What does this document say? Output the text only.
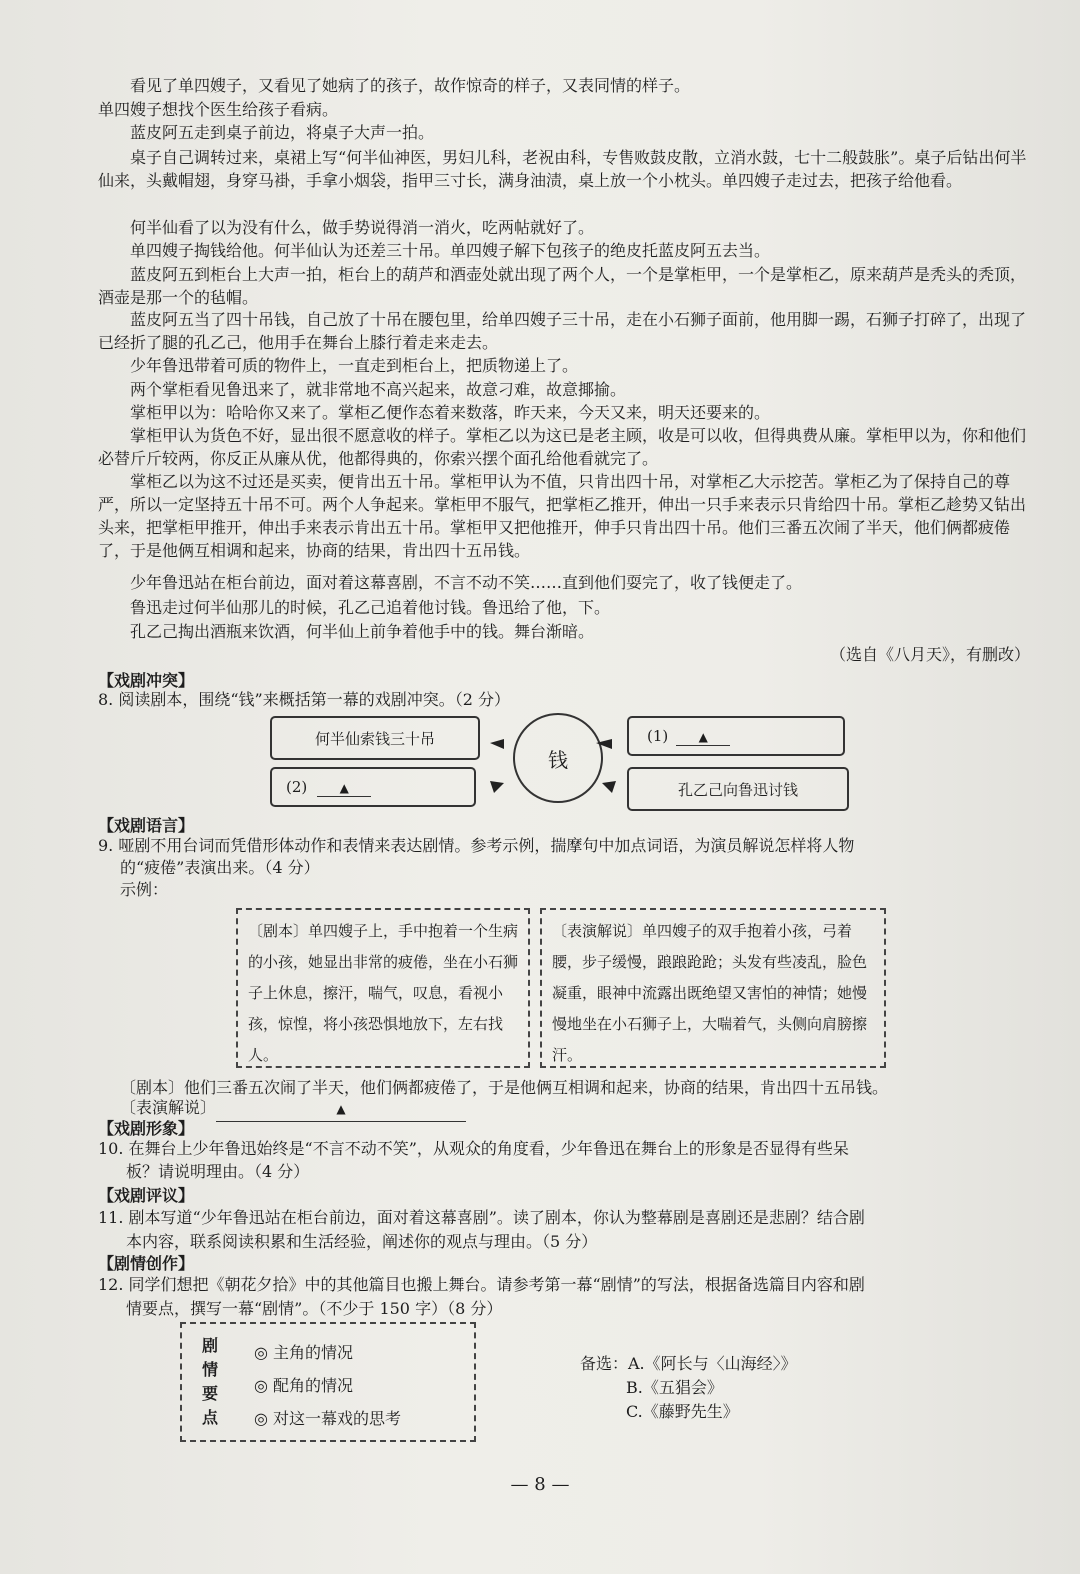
看见了单四嫂子，又看见了她病了的孩子，故作惊奇的样子，又表同情的样子。

单四嫂子想找个医生给孩子看病。

蓝皮阿五走到桌子前边，将桌子大声一拍。

桌子自己调转过来，桌裙上写“何半仙神医，男妇儿科，老祝由科，专售败鼓皮散，立消水鼓，七十二般鼓胀”。桌子后钻出何半仙来，头戴帽翅，身穿马褂，手拿小烟袋，指甲三寸长，满身油渍，桌上放一个小枕头。单四嫂子走过去，把孩子给他看。

何半仙看了以为没有什么，做手势说得消一消火，吃两帖就好了。

单四嫂子掏钱给他。何半仙认为还差三十吊。单四嫂子解下包孩子的绝皮托蓝皮阿五去当。

蓝皮阿五到柜台上大声一拍，柜台上的葫芦和酒壶处就出现了两个人，一个是掌柜甲，一个是掌柜乙，原来葫芦是秃头的秃顶，酒壶是那一个的毡帽。

蓝皮阿五当了四十吊钱，自己放了十吊在腰包里，给单四嫂子三十吊，走在小石狮子面前，他用脚一踢，石狮子打碎了，出现了已经折了腿的孔乙己，他用手在舞台上膝行着走来走去。

少年鲁迅带着可质的物件上，一直走到柜台上，把质物递上了。

两个掌柜看见鲁迅来了，就非常地不高兴起来，故意刁难，故意揶揄。

掌柜甲以为：哈哈你又来了。掌柜乙便作态着来数落，昨天来，今天又来，明天还要来的。

掌柜甲认为货色不好，显出很不愿意收的样子。掌柜乙以为这已是老主顾，收是可以收，但得典费从廉。掌柜甲以为，你和他们必替斤斤较两，你反正从廉从优，他都得典的，你索兴摆个面孔给他看就完了。

掌柜乙以为这不过还是买卖，便肯出五十吊。掌柜甲认为不值，只肯出四十吊，对掌柜乙大示挖苦。掌柜乙为了保持自己的尊严，所以一定坚持五十吊不可。两个人争起来。掌柜甲不服气，把掌柜乙推开，伸出一只手来表示只肯给四十吊。掌柜乙趁势又钻出头来，把掌柜甲推开，伸出手来表示肯出五十吊。掌柜甲又把他推开，伸手只肯出四十吊。他们三番五次闹了半天，他们俩都疲倦了，于是他俩互相调和起来，协商的结果，肯出四十五吊钱。

少年鲁迅站在柜台前边，面对着这幕喜剧，不言不动不笑……直到他们耍完了，收了钱便走了。

鲁迅走过何半仙那儿的时候，孔乙己追着他讨钱。鲁迅给了他，下。

孔乙己掏出酒瓶来饮酒，何半仙上前争着他手中的钱。舞台渐暗。

（选自《八月天》，有删改）
【戏剧冲突】
8. 阅读剧本，围绕“钱”来概括第一幕的戏剧冲突。（2 分）
何半仙索钱三十吊
(2)	▲
钱
(1)	▲
孔乙己向鲁迅讨钱
【戏剧语言】
9. 哑剧不用台词而凭借形体动作和表情来表达剧情。参考示例，揣摩句中加点词语，为演员解说怎样将人物
的“疲倦”表演出来。（4 分）
示例：
〔剧本〕单四嫂子上，手中抱着一个生病的小孩，她显出非常的疲倦，坐在小石狮子上休息，擦汗，喘气，叹息，看视小孩，惊惶，将小孩恐惧地放下，左右找人。
〔表演解说〕单四嫂子的双手抱着小孩，弓着腰，步子缓慢，踉踉跄跄；头发有些凌乱，脸色凝重，眼神中流露出既绝望又害怕的神情；她慢慢地坐在小石狮子上，大喘着气，头侧向肩膀擦汗。
〔剧本〕他们三番五次闹了半天，他们俩都疲倦了，于是他俩互相调和起来，协商的结果，肯出四十五吊钱。
〔表演解说〕	▲
【戏剧形象】
10. 在舞台上少年鲁迅始终是“不言不动不笑”，从观众的角度看，少年鲁迅在舞台上的形象是否显得有些呆
板？请说明理由。（4 分）
【戏剧评议】
11. 剧本写道“少年鲁迅站在柜台前边，面对着这幕喜剧”。读了剧本，你认为整幕剧是喜剧还是悲剧？结合剧
本内容，联系阅读积累和生活经验，阐述你的观点与理由。（5 分）
【剧情创作】
12. 同学们想把《朝花夕拾》中的其他篇目也搬上舞台。请参考第一幕“剧情”的写法，根据备选篇目内容和剧
情要点，撰写一幕“剧情”。（不少于 150 字）（8 分）
剧
情
要
点
◎ 主角的情况
◎ 配角的情况
◎ 对这一幕戏的思考
备选：A.《阿长与〈山海经〉》
B.《五猖会》
C.《藤野先生》
— 8 —
